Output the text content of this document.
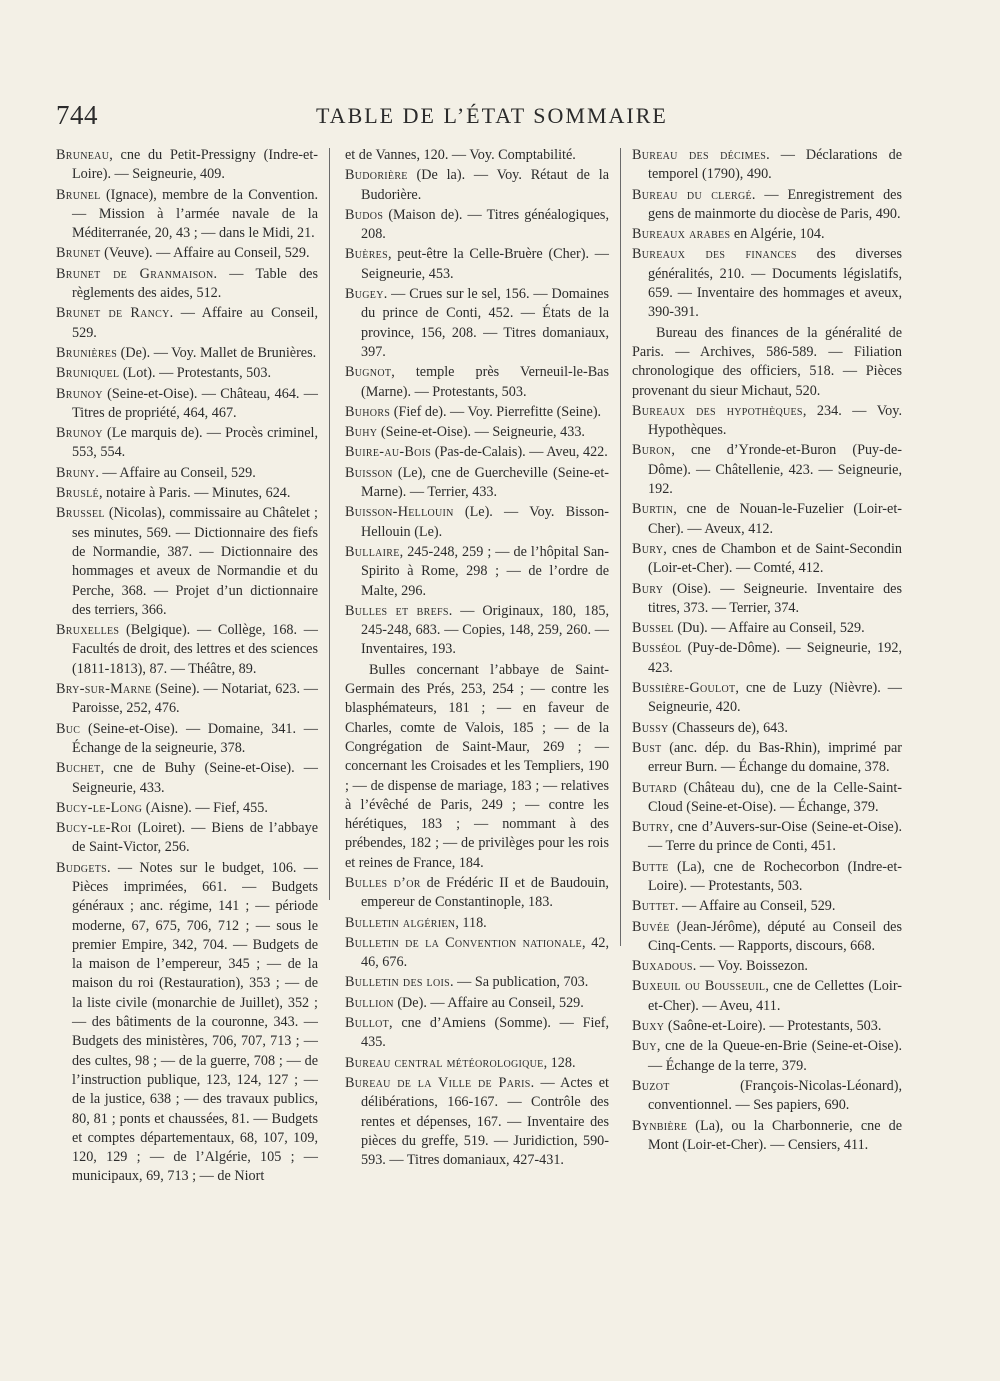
744	TABLE DE L’ÉTAT SOMMAIRE

Bruneau, cne du Petit-Pressigny (Indre-et-Loire). — Seigneurie, 409.

Brunel (Ignace), membre de la Convention. — Mission à l’armée navale de la Méditerranée, 20, 43 ; — dans le Midi, 21.

Brunet (Veuve). — Affaire au Conseil, 529.

Brunet de Granmaison. — Table des règlements des aides, 512.

Brunet de Rancy. — Affaire au Conseil, 529.

Brunières (De). — Voy. Mallet de Brunières.

Bruniquel (Lot). — Protestants, 503.

Brunoy (Seine-et-Oise). — Château, 464. — Titres de propriété, 464, 467.

Brunoy (Le marquis de). — Procès criminel, 553, 554.

Bruny. — Affaire au Conseil, 529.

Bruslé, notaire à Paris. — Minutes, 624.

Brussel (Nicolas), commissaire au Châtelet ; ses minutes, 569. — Dictionnaire des fiefs de Normandie, 387. — Dictionnaire des hommages et aveux de Normandie et du Perche, 368. — Projet d’un dictionnaire des terriers, 366.

Bruxelles (Belgique). — Collège, 168. — Facultés de droit, des lettres et des sciences (1811-1813), 87. — Théâtre, 89.

Bry-sur-Marne (Seine). — Notariat, 623. — Paroisse, 252, 476.

Buc (Seine-et-Oise). — Domaine, 341. — Échange de la seigneurie, 378.

Buchet, cne de Buhy (Seine-et-Oise). — Seigneurie, 433.

Bucy-le-Long (Aisne). — Fief, 455.

Bucy-le-Roi (Loiret). — Biens de l’abbaye de Saint-Victor, 256.

Budgets. — Notes sur le budget, 106. — Pièces imprimées, 661. — Budgets généraux ; anc. régime, 141 ; — période moderne, 67, 675, 706, 712 ; — sous le premier Empire, 342, 704. — Budgets de la maison de l’empereur, 345 ; — de la maison du roi (Restauration), 353 ; — de la liste civile (monarchie de Juillet), 352 ; — des bâtiments de la couronne, 343. — Budgets des ministères, 706, 707, 713 ; — des cultes, 98 ; — de la guerre, 708 ; — de l’instruction publique, 123, 124, 127 ; — de la justice, 638 ; — des travaux publics, 80, 81 ; ponts et chaussées, 81. — Budgets et comptes départementaux, 68, 107, 109, 120, 129 ; — de l’Algérie, 105 ; — municipaux, 69, 713 ; — de Niort

et de Vannes, 120. — Voy. Comptabilité.

Budorière (De la). — Voy. Rétaut de la Budorière.

Budos (Maison de). — Titres généalogiques, 208.

Buères, peut-être la Celle-Bruère (Cher). — Seigneurie, 453.

Bugey. — Crues sur le sel, 156. — Domaines du prince de Conti, 452. — États de la province, 156, 208. — Titres domaniaux, 397.

Bugnot, temple près Verneuil-le-Bas (Marne). — Protestants, 503.

Buhors (Fief de). — Voy. Pierrefitte (Seine).

Buhy (Seine-et-Oise). — Seigneurie, 433.

Buire-au-Bois (Pas-de-Calais). — Aveu, 422.

Buisson (Le), cne de Guercheville (Seine-et-Marne). — Terrier, 433.

Buisson-Hellouin (Le). — Voy. Bisson-Hellouin (Le).

Bullaire, 245-248, 259 ; — de l’hôpital San-Spirito à Rome, 298 ; — de l’ordre de Malte, 296.

Bulles et brefs. — Originaux, 180, 185, 245-248, 683. — Copies, 148, 259, 260. — Inventaires, 193.

Bulles concernant l’abbaye de Saint-Germain des Prés, 253, 254 ; — contre les blasphémateurs, 181 ; — en faveur de Charles, comte de Valois, 185 ; — de la Congrégation de Saint-Maur, 269 ; — concernant les Croisades et les Templiers, 190 ; — de dispense de mariage, 183 ; — relatives à l’évêché de Paris, 249 ; — contre les hérétiques, 183 ; — nommant à des prébendes, 182 ; — de privilèges pour les rois et reines de France, 184.

Bulles d’or de Frédéric II et de Baudouin, empereur de Constantinople, 183.

Bulletin algérien, 118.

Bulletin de la Convention nationale, 42, 46, 676.

Bulletin des lois. — Sa publication, 703.

Bullion (De). — Affaire au Conseil, 529.

Bullot, cne d’Amiens (Somme). — Fief, 435.

Bureau central météorologique, 128.

Bureau de la Ville de Paris. — Actes et délibérations, 166-167. — Contrôle des rentes et dépenses, 167. — Inventaire des pièces du greffe, 519. — Juridiction, 590-593. — Titres domaniaux, 427-431.

Bureau des décimes. — Déclarations de temporel (1790), 490.

Bureau du clergé. — Enregistrement des gens de mainmorte du diocèse de Paris, 490.

Bureaux arabes en Algérie, 104.

Bureaux des finances des diverses généralités, 210. — Documents législatifs, 659. — Inventaire des hommages et aveux, 390-391.

Bureau des finances de la généralité de Paris. — Archives, 586-589. — Filiation chronologique des officiers, 518. — Pièces provenant du sieur Michaut, 520.

Bureaux des hypothèques, 234. — Voy. Hypothèques.

Buron, cne d’Yronde-et-Buron (Puy-de-Dôme). — Châtellenie, 423. — Seigneurie, 192.

Burtin, cne de Nouan-le-Fuzelier (Loir-et-Cher). — Aveux, 412.

Bury, cnes de Chambon et de Saint-Secondin (Loir-et-Cher). — Comté, 412.

Bury (Oise). — Seigneurie. Inventaire des titres, 373. — Terrier, 374.

Bussel (Du). — Affaire au Conseil, 529.

Busséol (Puy-de-Dôme). — Seigneurie, 192, 423.

Bussière-Goulot, cne de Luzy (Nièvre). — Seigneurie, 420.

Bussy (Chasseurs de), 643.

Bust (anc. dép. du Bas-Rhin), imprimé par erreur Burn. — Échange du domaine, 378.

Butard (Château du), cne de la Celle-Saint-Cloud (Seine-et-Oise). — Échange, 379.

Butry, cne d’Auvers-sur-Oise (Seine-et-Oise). — Terre du prince de Conti, 451.

Butte (La), cne de Rochecorbon (Indre-et-Loire). — Protestants, 503.

Buttet. — Affaire au Conseil, 529.

Buvée (Jean-Jérôme), député au Conseil des Cinq-Cents. — Rapports, discours, 668.

Buxadous. — Voy. Boissezon.

Buxeuil ou Bousseuil, cne de Cellettes (Loir-et-Cher). — Aveu, 411.

Buxy (Saône-et-Loire). — Protestants, 503.

Buy, cne de la Queue-en-Brie (Seine-et-Oise). — Échange de la terre, 379.

Buzot (François-Nicolas-Léonard), conventionnel. — Ses papiers, 690.

Bynbière (La), ou la Charbonnerie, cne de Mont (Loir-et-Cher). — Censiers, 411.
